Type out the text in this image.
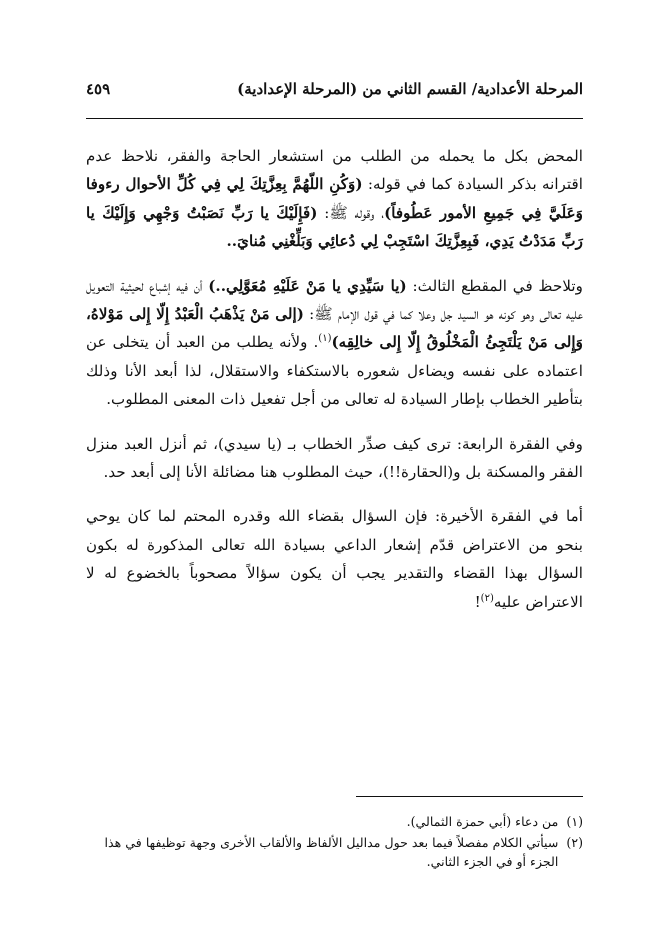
المرحلة الأعدادية/ القسم الثاني من (المرحلة الإعدادية)
٤٥٩

المحض بكل ما يحمله من الطلب من استشعار الحاجة والفقر، نلاحظ عدم اقترانه بذكر السيادة كما في قوله: (وَكُنِ اللّهُمَّ بِعِزَّتِكَ لِي فِي كُلِّ الأحوال رءوفا وَعَلَيَّ فِي جَمِيعِ الأمور عَطُوفاً)، وقوله ﷺ: (فَإِلَيْكَ يا رَبِّ نَصَبْتُ وَجْهِي وَإِلَيْكَ يا رَبِّ مَدَدْتُ يَدِي، فَبِعِزَّتِكَ اسْتَجِبْ لِي دُعائِي وَبَلِّغْنِي مُنايَ..

وتلاحظ في المقطع الثالث: (يا سَيِّدِي يا مَنْ عَلَيْهِ مُعَوَّلِي..) أن فيه إشباع لحيثية التعويل عليه تعالى وهو كونه هو السيد جل وعلا كما في قول الإمام ﷺ: (إلى مَنْ يَذْهَبُ الْعَبْدُ إِلّا إِلى مَوْلاهُ، وَإِلى مَنْ يَلْتَجِئُ الْمَخْلُوقُ إِلّا إِلى خالِقِه)$^{(١)}$. ولأنه يطلب من العبد أن يتخلى عن اعتماده على نفسه ويضاءل شعوره بالاستكفاء والاستقلال، لذا أبعد الأنا وذلك بتأطير الخطاب بإطار السيادة له تعالى من أجل تفعيل ذات المعنى المطلوب.

وفي الفقرة الرابعة: ترى كيف صدِّر الخطاب بـ (يا سيدي)، ثم أنزل العبد منزل الفقر والمسكنة بل و(الحقارة!!)، حيث المطلوب هنا مضائلة الأنا إلى أبعد حد.

أما في الفقرة الأخيرة: فإن السؤال بقضاء الله وقدره المحتم لما كان يوحي بنحو من الاعتراض قدّم إشعار الداعي بسيادة الله تعالى المذكورة له بكون السؤال بهذا القضاء والتقدير يجب أن يكون سؤالاً مصحوباً بالخضوع له لا الاعتراض عليه$^{(٢)}$!

(١)
من دعاء (أبي حمزة الثمالي).
(٢)
سيأتي الكلام مفصلاً فيما بعد حول مداليل الألفاظ والألقاب الأخرى وجهة توظيفها في هذا الجزء أو في الجزء الثاني.
